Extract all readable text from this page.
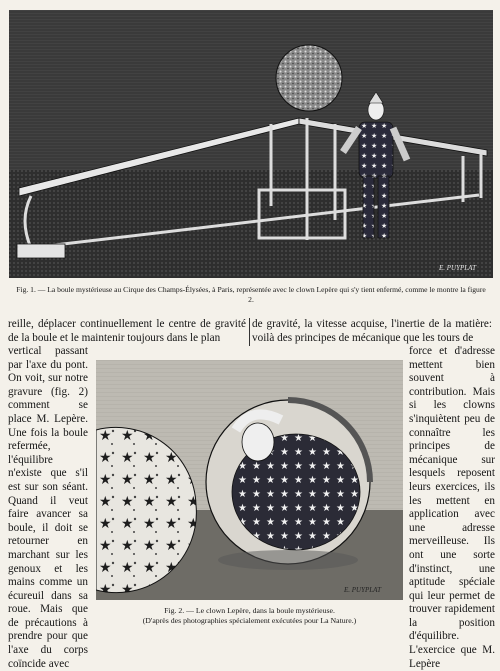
E. PUYPLAT
Fig. 1. — La boule mystérieuse au Cirque des Champs-Élysées, à Paris, représentée avec le clown Lepère qui s'y tient enfermé, comme le montre la figure 2.
reille, déplacer continuellement le centre de gravité de la boule et le maintenir toujours dans le plan
de gravité, la vitesse acquise, l'inertie de la matière: voilà des principes de mécanique que les tours de
vertical passant par l'axe du pont. On voit, sur notre gravure (fig. 2) comment se place M. Lepère. Une fois la boule refermée, l'équilibre n'existe que s'il est sur son séant. Quand il veut faire avancer sa boule, il doit se retourner en marchant sur les genoux et les mains comme un écureuil dans sa roue. Mais que de précautions à prendre pour que l'axe du corps coïncide avec
force et d'adresse mettent bien souvent à contribution. Mais si les clowns s'inquiètent peu de connaître les principes de mécanique sur lesquels reposent leurs exercices, ils les mettent en application avec une adresse merveilleuse. Ils ont une sorte d'instinct, une aptitude spéciale qui leur permet de trouver rapidement la position d'équilibre. L'exercice que M. Lepère
E. PUYPLAT
Fig. 2. — Le clown Lepère, dans la boule mystérieuse.
(D'après des photographies spécialement exécutées pour La Nature.)
